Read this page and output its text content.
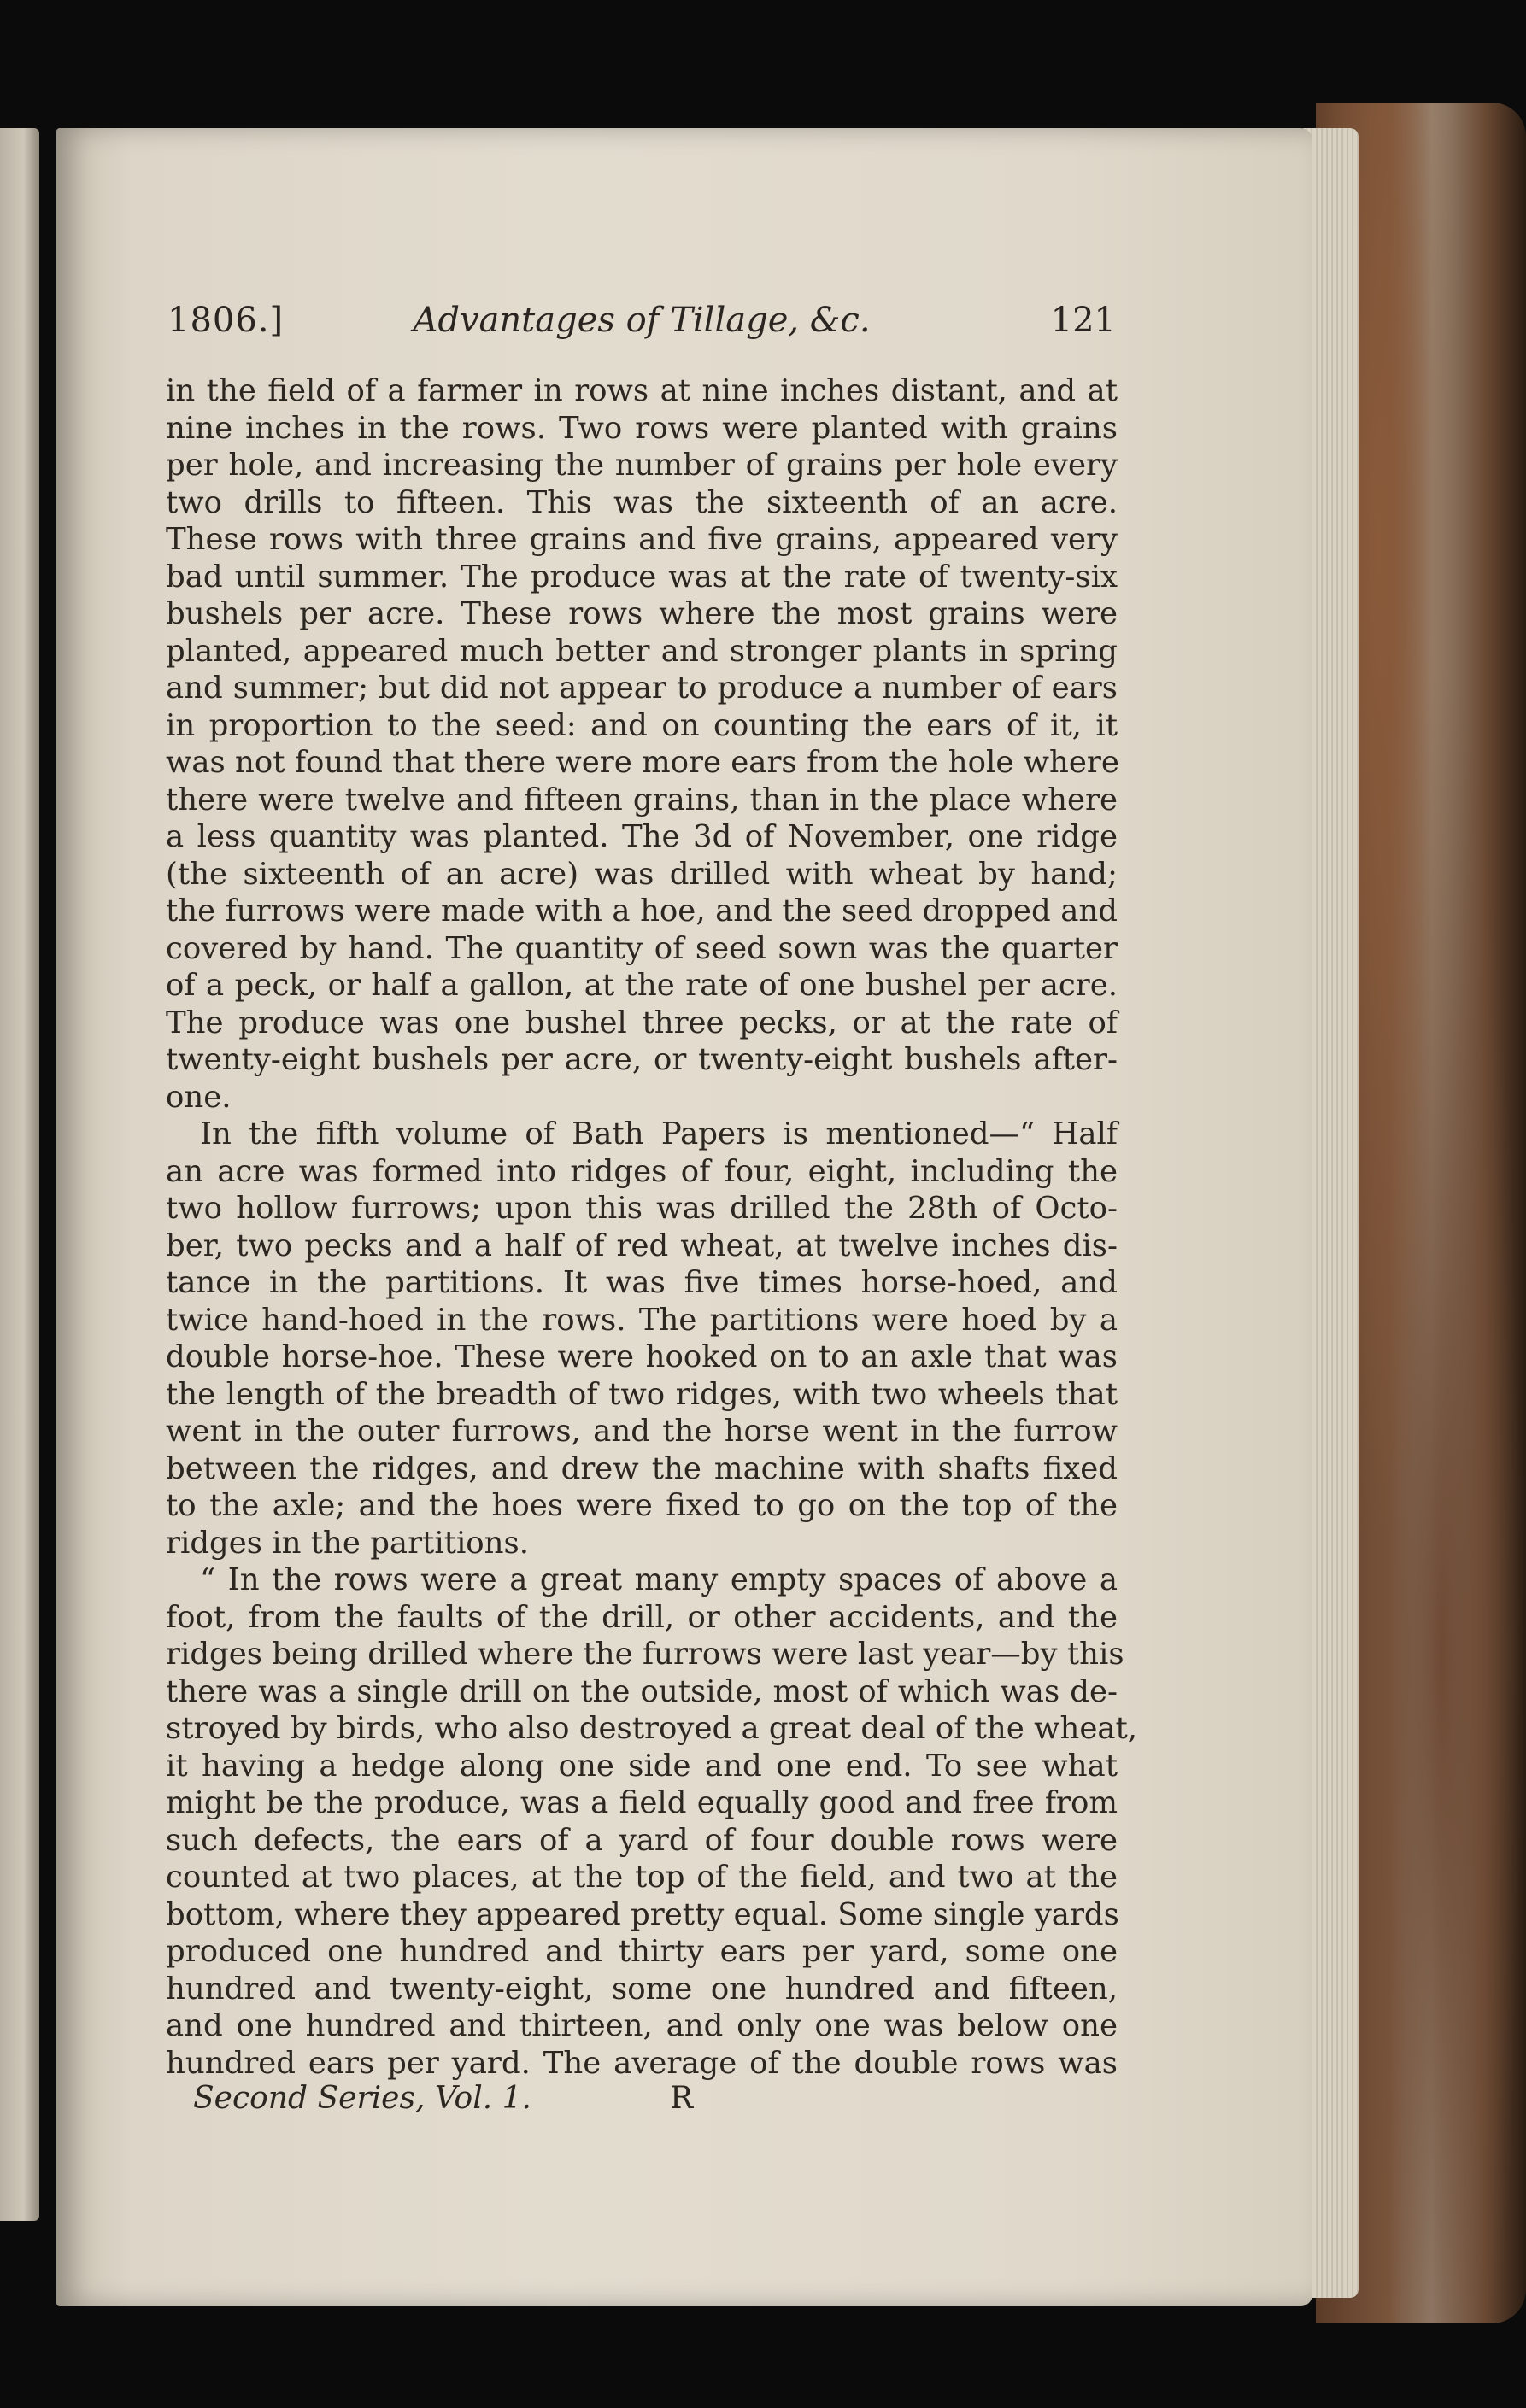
1806.]	Advantages of Tillage, &c.	121
in the field of a farmer in rows at nine inches distant, and at
nine inches in the rows. Two rows were planted with grains
per hole, and increasing the number of grains per hole every
two drills to fifteen. This was the sixteenth of an acre.
These rows with three grains and five grains, appeared very
bad until summer. The produce was at the rate of twenty-six
bushels per acre. These rows where the most grains were
planted, appeared much better and stronger plants in spring
and summer; but did not appear to produce a number of ears
in proportion to the seed: and on counting the ears of it, it
was not found that there were more ears from the hole where
there were twelve and fifteen grains, than in the place where
a less quantity was planted. The 3d of November, one ridge
(the sixteenth of an acre) was drilled with wheat by hand;
the furrows were made with a hoe, and the seed dropped and
covered by hand. The quantity of seed sown was the quarter
of a peck, or half a gallon, at the rate of one bushel per acre.
The produce was one bushel three pecks, or at the rate of
twenty-eight bushels per acre, or twenty-eight bushels after-
one.
In the fifth volume of Bath Papers is mentioned—“ Half
an acre was formed into ridges of four, eight, including the
two hollow furrows; upon this was drilled the 28th of Octo-
ber, two pecks and a half of red wheat, at twelve inches dis-
tance in the partitions. It was five times horse-hoed, and
twice hand-hoed in the rows. The partitions were hoed by a
double horse-hoe. These were hooked on to an axle that was
the length of the breadth of two ridges, with two wheels that
went in the outer furrows, and the horse went in the furrow
between the ridges, and drew the machine with shafts fixed
to the axle; and the hoes were fixed to go on the top of the
ridges in the partitions.
“ In the rows were a great many empty spaces of above a
foot, from the faults of the drill, or other accidents, and the
ridges being drilled where the furrows were last year—by this
there was a single drill on the outside, most of which was de-
stroyed by birds, who also destroyed a great deal of the wheat,
it having a hedge along one side and one end. To see what
might be the produce, was a field equally good and free from
such defects, the ears of a yard of four double rows were
counted at two places, at the top of the field, and two at the
bottom, where they appeared pretty equal. Some single yards
produced one hundred and thirty ears per yard, some one
hundred and twenty-eight, some one hundred and fifteen,
and one hundred and thirteen, and only one was below one
hundred ears per yard. The average of the double rows was
Second Series, Vol. 1.	R
